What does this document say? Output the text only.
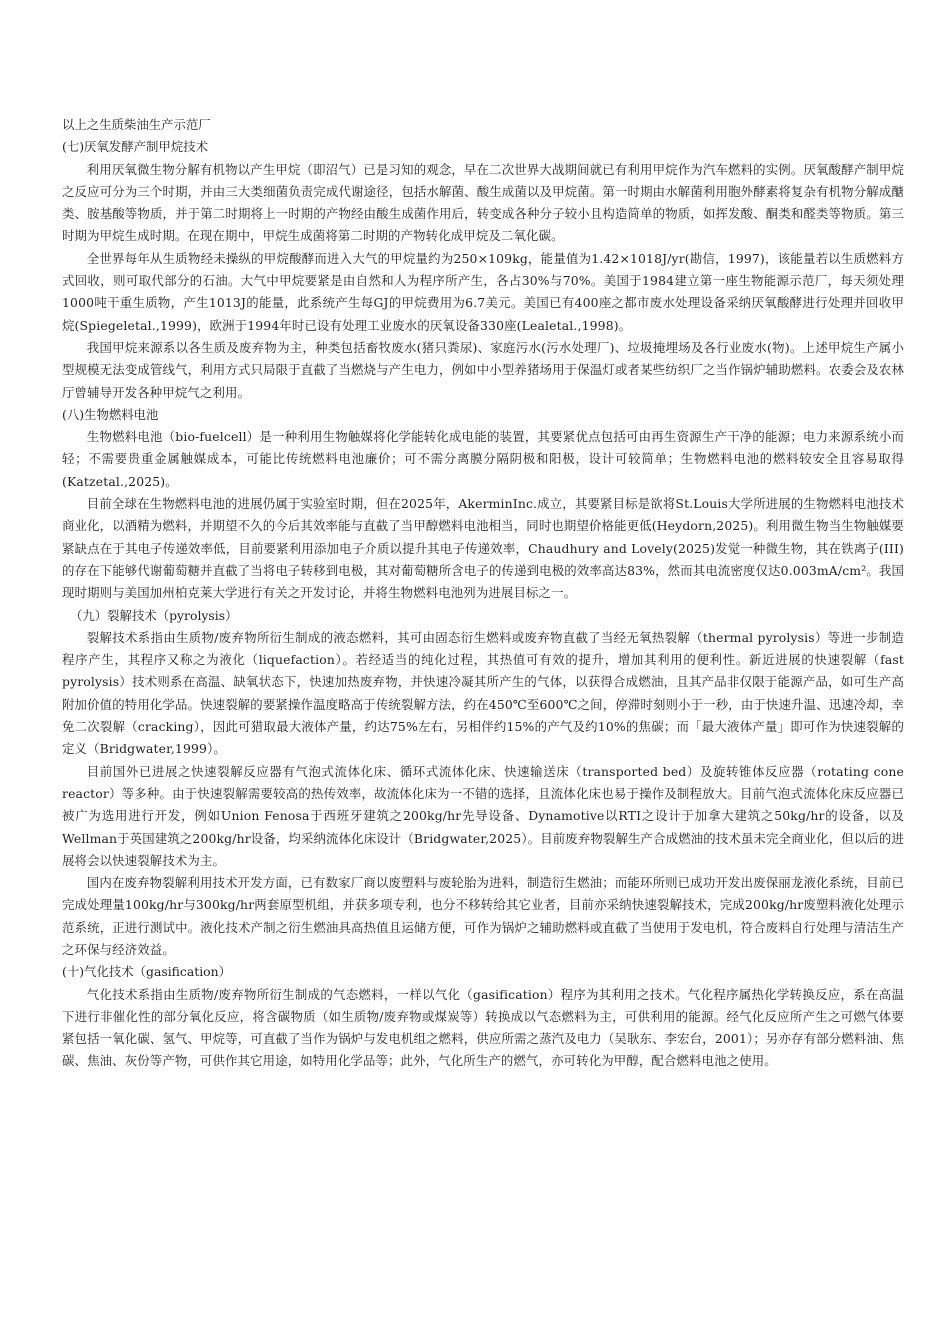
以上之生质柴油生产示范厂
(七)厌氧发酵产制甲烷技术

利用厌氧微生物分解有机物以产生甲烷（即沼气）已是习知的观念，早在二次世界大战期间就已有利用甲烷作为汽车燃料的实例。厌氧酸酵产制甲烷之反应可分为三个时期，并由三大类细菌负责完成代谢途径，包括水解菌、酸生成菌以及甲烷菌。第一时期由水解菌利用胞外酵素将复杂有机物分解成醣类、胺基酸等物质，并于第二时期将上一时期的产物经由酸生成菌作用后，转变成各种分子较小且构造简单的物质，如挥发酸、酮类和醛类等物质。第三时期为甲烷生成时期。在现在期中，甲烷生成菌将第二时期的产物转化成甲烷及二氧化碳。

全世界每年从生质物经未操纵的甲烷酸酵而进入大气的甲烷量约为250×109kg，能量值为1.42×1018J/yr(勘信，1997)，该能量若以生质燃料方式回收，则可取代部分的石油。大气中甲烷要紧是由自然和人为程序所产生，各占30%与70%。美国于1984建立第一座生物能源示范厂，每天须处理1000吨干重生质物，产生1013J的能量，此系统产生每GJ的甲烷费用为6.7美元。美国已有400座之都市废水处理设备采纳厌氧酸酵进行处理并回收甲烷(Spiegeletal.,1999)，欧洲于1994年时已设有处理工业废水的厌氧设备330座(Lealetal.,1998)。

我国甲烷来源系以各生质及废弃物为主，种类包括畜牧废水(猪只粪尿)、家庭污水(污水处理厂)、垃圾掩埋场及各行业废水(物)。上述甲烷生产属小型规模无法变成管线气，利用方式只局限于直截了当燃烧与产生电力，例如中小型养猪场用于保温灯或者某些纺织厂之当作锅炉辅助燃料。农委会及农林厅曾辅导开发各种甲烷气之利用。

(八)生物燃料电池

生物燃料电池（bio-fuelcell）是一种利用生物触媒将化学能转化成电能的装置，其要紧优点包括可由再生资源生产干净的能源；电力来源系统小而轻；不需要贵重金属触媒成本，可能比传统燃料电池廉价；可不需分离膜分隔阴极和阳极，设计可较简单；生物燃料电池的燃料较安全且容易取得(Katzetal.,2025)。

目前全球在生物燃料电池的进展仍属于实验室时期，但在2025年，AkerminInc.成立，其要紧目标是欲将St.Louis大学所进展的生物燃料电池技术商业化，以酒精为燃料，并期望不久的今后其效率能与直截了当甲醇燃料电池相当，同时也期望价格能更低(Heydorn,2025)。利用微生物当生物触媒要紧缺点在于其电子传递效率低，目前要紧利用添加电子介质以提升其电子传递效率，Chaudhury and Lovely(2025)发觉一种微生物，其在铁离子(III)的存在下能够代谢葡萄糖并直截了当将电子转移到电极，其对葡萄糖所含电子的传递到电极的效率高达83%，然而其电流密度仅达0.003mA/cm²。我国现时期则与美国加州柏克莱大学进行有关之开发讨论，并将生物燃料电池列为进展目标之一。

（九）裂解技术（pyrolysis）

裂解技术系指由生质物/废弃物所衍生制成的液态燃料，其可由固态衍生燃料或废弃物直截了当经无氧热裂解（thermal pyrolysis）等进一步制造程序产生，其程序又称之为液化（liquefaction）。若经适当的纯化过程，其热值可有效的提升，增加其利用的便利性。新近进展的快速裂解（fast pyrolysis）技术则系在高温、缺氧状态下，快速加热废弃物，并快速冷凝其所产生的气体，以获得合成燃油，且其产品非仅限于能源产品，如可生产高附加价值的特用化学品。快速裂解的要紧操作温度略高于传统裂解方法，约在450℃至600℃之间，停滞时刻则小于一秒，由于快速升温、迅速冷却，幸免二次裂解（cracking），因此可猎取最大液体产量，约达75%左右，另相伴约15%的产气及约10%的焦碳；而「最大液体产量」即可作为快速裂解的定义（Bridgwater,1999）。

目前国外已进展之快速裂解反应器有气泡式流体化床、循环式流体化床、快速输送床（transported bed）及旋转锥体反应器（rotating cone reactor）等多种。由于快速裂解需要较高的热传效率，故流体化床为一不错的选择，且流体化床也易于操作及制程放大。目前气泡式流体化床反应器已被广为选用进行开发，例如Union Fenosa于西班牙建筑之200kg/hr先导设备、Dynamotive以RTI之设计于加拿大建筑之50kg/hr的设备，以及Wellman于英国建筑之200kg/hr设备，均采纳流体化床设计（Bridgwater,2025）。目前废弃物裂解生产合成燃油的技术虽未完全商业化，但以后的进展将会以快速裂解技术为主。

国内在废弃物裂解利用技术开发方面，已有数家厂商以废塑料与废轮胎为进料，制造衍生燃油；而能环所则已成功开发出废保丽龙液化系统，目前已完成处理量100kg/hr与300kg/hr两套原型机组，并获多项专利，也分不移转给其它业者，目前亦采纳快速裂解技术，完成200kg/hr废塑料液化处理示范系统，正进行测试中。液化技术产制之衍生燃油具高热值且运储方便，可作为锅炉之辅助燃料或直截了当使用于发电机，符合废料自行处理与清洁生产之环保与经济效益。

(十)气化技术（gasification）

气化技术系指由生质物/废弃物所衍生制成的气态燃料，一样以气化（gasification）程序为其利用之技术。气化程序属热化学转换反应，系在高温下进行非催化性的部分氧化反应，将含碳物质（如生质物/废弃物或煤炭等）转换成以气态燃料为主，可供利用的能源。经气化反应所产生之可燃气体要紧包括一氧化碳、氢气、甲烷等，可直截了当作为锅炉与发电机组之燃料，供应所需之蒸汽及电力（吴耿东、李宏台，2001）；另亦存有部分燃料油、焦碳、焦油、灰份等产物，可供作其它用途，如特用化学品等；此外，气化所生产的燃气，亦可转化为甲醇，配合燃料电池之使用。
